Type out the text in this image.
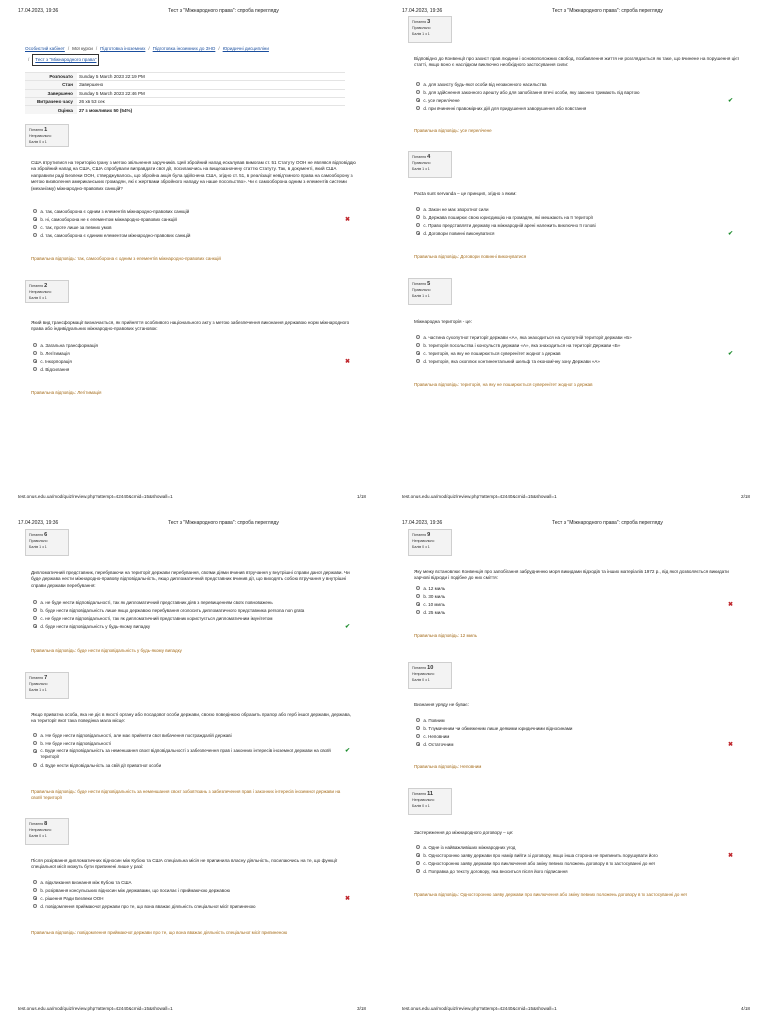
17.04.2023, 19:36	Тест з "Міжнародного права": спроба перегляду
Особистий кабінет / Мої курси / Підготовка іноземних / Підготовка іноземних до ЗНО / Юридичні дисципліни
/ Тест з "Міжнародного права"
Розпочато	Sunday 5 March 2023 22:19 PM
Стан	Завершено
Завершено	Sunday 5 March 2023 22:46 PM
Витрачено часу	26 хв 53 сек
Оцінка	27 з можливих 50 (54%)
Питання 1
Неправильно
Балів 0 з 1
США втрутилися на територію Ірану з метою звільнення заручників. Цей збройний напад ескалував вимогам ст. 51 Статуту ООН не являвся відповіддю на збройний напад на США, США спробували виправдати свої дії, посилаючись на вищезазначену статтю Статуту. Так, в документі, який США направили раді Безпеки ООН, стверджувалось, що збройна акція була здійснена США, згідно ст. 51, в реалізації невід'ємного права на самооборону з метою визволення американських громадян, які є жертвами збройного нападу на наше посольство». Чи є самооборона одним з елементів системи (механізму) міжнародно-правових санкцій?
a. так, самооборона є одним з елементів міжнародно-правових санкцій
b. ні, самооборона не є елементом міжнародно-правових санкцій	✖
c. так, проте лише за певних умов
d. так, самооборона є єдиним елементом міжнародно-правових санкцій
Правильна відповідь: так, самооборона є одним з елементів міжнародно-правових санкцій
Питання 2
Неправильно
Балів 0 з 1
Який вид трансформації визначається, як прийняття особливого національного акту з метою забезпечення виконання державою норм міжнародного права або індивідуальних міжнародно-правових установок:
a. Загальна трансформація
b. Легітимація
c. Інкорпорація	✖
d. Відсилання
Правильна відповідь: Легітимація
test.onus.edu.ua/mod/quiz/review.php?attempt=42440&cmid=15&showall=1	1/18
17.04.2023, 19:36	Тест з "Міжнародного права": спроба перегляду
Питання 3
Правильно
Балів 1 з 1
Відповідно до Конвенції про захист прав людини і основоположних свобод, позбавлення життя не розглядається як таке, що вчинене на порушення цієї статті, якщо воно є наслідком виключно необхідного застосування сили:
a. для захисту будь-якої особи від незаконного насильства
b. для здійснення законного арешту або для запобігання втечі особи, яку законно тримають під вартою
c. усе перелічене	✔
d. при вчиненні правомірних дій для придушення заворушення або повстання
Правильна відповідь: усе перелічене
Питання 4
Правильно
Балів 1 з 1
Pacta sunt servanda – це принцип, згідно з яким:
a. Закон не має зворотної сили
b. Держава поширює свою юрисдикцію на громадян, які мешкають на її території
c. Право представляти державу на міжнародній арені належить виключно її голові
d. Договори повинні виконуватися	✔
Правильна відповідь: Договори повинні виконуватися
Питання 5
Правильно
Балів 1 з 1
Міжнародна територія - це:
a. частина сухопутної території держави «А», яка знаходиться на сухопутній території держави «Б»
b. територія посольства і консульств держави «А», яка знаходиться на території Держави «Б»
c. територія, на яку не поширюється суверенітет жодної з держав	✔
d. територія, яка охоплює континентальний шельф та економічну зону Держави «А»
Правильна відповідь: територія, на яку не поширюється суверенітет жодної з держав
test.onus.edu.ua/mod/quiz/review.php?attempt=42440&cmid=15&showall=1	2/18
17.04.2023, 19:36	Тест з "Міжнародного права": спроба перегляду
Питання 6
Правильно
Балів 1 з 1
Дипломатичний представник, перебуваючи на території держави перебування, своїми діями вчинив втручання у внутрішні справи даної держави. Чи буде держава нести міжнародно-правову відповідальність, якщо дипломатичний представник вчинив дії, що виходять собою втручання у внутрішні справи держави перебування:
a. не буде нести відповідальності, так як дипломатичний представник діяв з перевищенням своїх повноважень
b. буде нести відповідальність лише якщо державою перебування оголосить дипломатичного представника persona non grata
c. не буде нести відповідальності, так як дипломатичний представник користується дипломатичним імунітетом
d. буде нести відповідальність у будь-якому випадку	✔
Правильна відповідь: буде нести відповідальність у будь-якому випадку
Питання 7
Правильно
Балів 1 з 1
Якщо приватна особа, яка не діє в якості органу або посадової особи держави, своєю поведінкою образить прапор або герб іншої держави, держава, на території якої така поведінка мала місце:
a. Не буде нести відповідальності, але має прийняти свої вибачення постраждалій державі
b. Не буде нести відповідальності
c. Буде нести відповідальність за неменшання своєї відповідальності з забезпечення прав і законних інтересів іноземної держави на своїй території
✔
d. Буде нести відповідальність за свій дії приватної особи
Правильна відповідь: буде нести відповідальність за неменшання своєї зобов'язань з забезпечення прав і законних інтересів іноземної держави на своїй території
Питання 8
Неправильно
Балів 0 з 1
Після розірвання дипломатичних відносин між Кубою та США спеціальна місія не припинила власну діяльність, посилаючись на те, що функції спеціальної місії можуть бути припинені лише у разі:
a. відкликання визнання між Кубою та США
b. розірвання консульських відносин між державами, що посилає і приймаючою державою
c. рішення Ради Безпеки ООН	✖
d. повідомлення приймаючої держави про те, що вона вважає діяльність спеціальної місії припиненою
Правильна відповідь: повідомлення приймаючої держави про те, що вона вважає діяльність спеціальної місії припиненою
test.onus.edu.ua/mod/quiz/review.php?attempt=42440&cmid=15&showall=1	3/18
17.04.2023, 19:36	Тест з "Міжнародного права": спроба перегляду
Питання 9
Неправильно
Балів 0 з 1
Яку межу встановлює Конвенція про запобігання забрудненню моря викидами відходів та інших матеріалів 1972 р., від якої дозволяється викидати харчові відходи і подібне до них сміття:
a. 12 миль
b. 30 миль
c. 10 миль	✖
d. 25 миль
Правильна відповідь: 12 миль
Питання 10
Неправильно
Балів 0 з 1
Визнання уряду не буває:
a. Повним
b. Тлумаченим чи обмеженим лише деякими юридичними відносинами
c. Неповним
d. Остаточним	✖
Правильна відповідь: Неповним
Питання 11
Неправильно
Балів 0 з 1
Застереження до міжнародного договору – це:
a. Одне із найважливіших міжнародних угод
b. Односторонню заяву держави про намір вийти зі договору, якщо інша сторона не припинить порушувати його	✖
c. Односторонню заяву держави про виключення або зміну певних положень договору в їх застосуванні до неї
d. Поправка до тексту договору, яка вноситься після його підписання
Правильна відповідь: Односторонню заяву держави про виключення або зміну певних положень договору в їх застосуванні до неї
test.onus.edu.ua/mod/quiz/review.php?attempt=42440&cmid=15&showall=1	4/18
